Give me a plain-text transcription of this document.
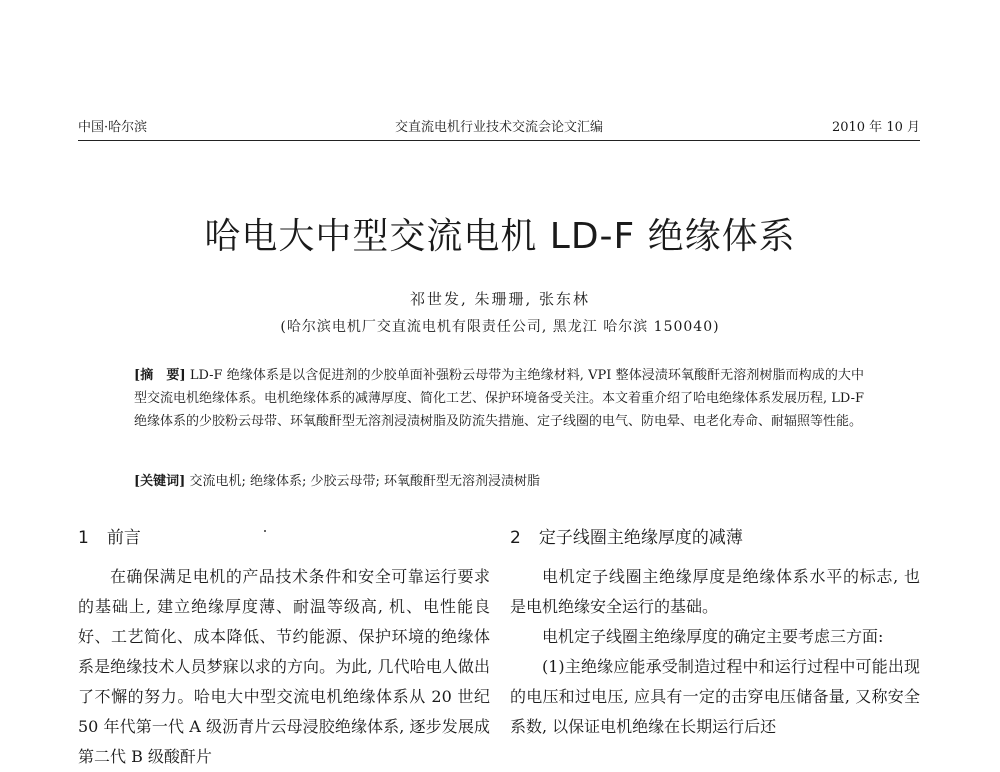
中国·哈尔滨	交直流电机行业技术交流会论文汇编	2010 年 10 月
哈电大中型交流电机 LD-F 绝缘体系
祁世发, 朱珊珊, 张东林
(哈尔滨电机厂交直流电机有限责任公司, 黑龙江 哈尔滨 150040)
[摘　要] LD-F 绝缘体系是以含促进剂的少胶单面补强粉云母带为主绝缘材料, VPI 整体浸渍环氧酸酐无溶剂树脂而构成的大中型交流电机绝缘体系。电机绝缘体系的减薄厚度、简化工艺、保护环境备受关注。本文着重介绍了哈电绝缘体系发展历程, LD-F 绝缘体系的少胶粉云母带、环氧酸酐型无溶剂浸渍树脂及防流失措施、定子线圈的电气、防电晕、电老化寿命、耐辐照等性能。
[关键词] 交流电机; 绝缘体系; 少胶云母带; 环氧酸酐型无溶剂浸渍树脂
1 前言

在确保满足电机的产品技术条件和安全可靠运行要求的基础上, 建立绝缘厚度薄、耐温等级高, 机、电性能良好、工艺简化、成本降低、节约能源、保护环境的绝缘体系是绝缘技术人员梦寐以求的方向。为此, 几代哈电人做出了不懈的努力。哈电大中型交流电机绝缘体系从 20 世纪 50 年代第一代 A 级沥青片云母浸胶绝缘体系, 逐步发展成第二代 B 级酸酐片

2 定子线圈主绝缘厚度的减薄

电机定子线圈主绝缘厚度是绝缘体系水平的标志, 也是电机绝缘安全运行的基础。

电机定子线圈主绝缘厚度的确定主要考虑三方面:

(1)主绝缘应能承受制造过程中和运行过程中可能出现的电压和过电压, 应具有一定的击穿电压储备量, 又称安全系数, 以保证电机绝缘在长期运行后还
